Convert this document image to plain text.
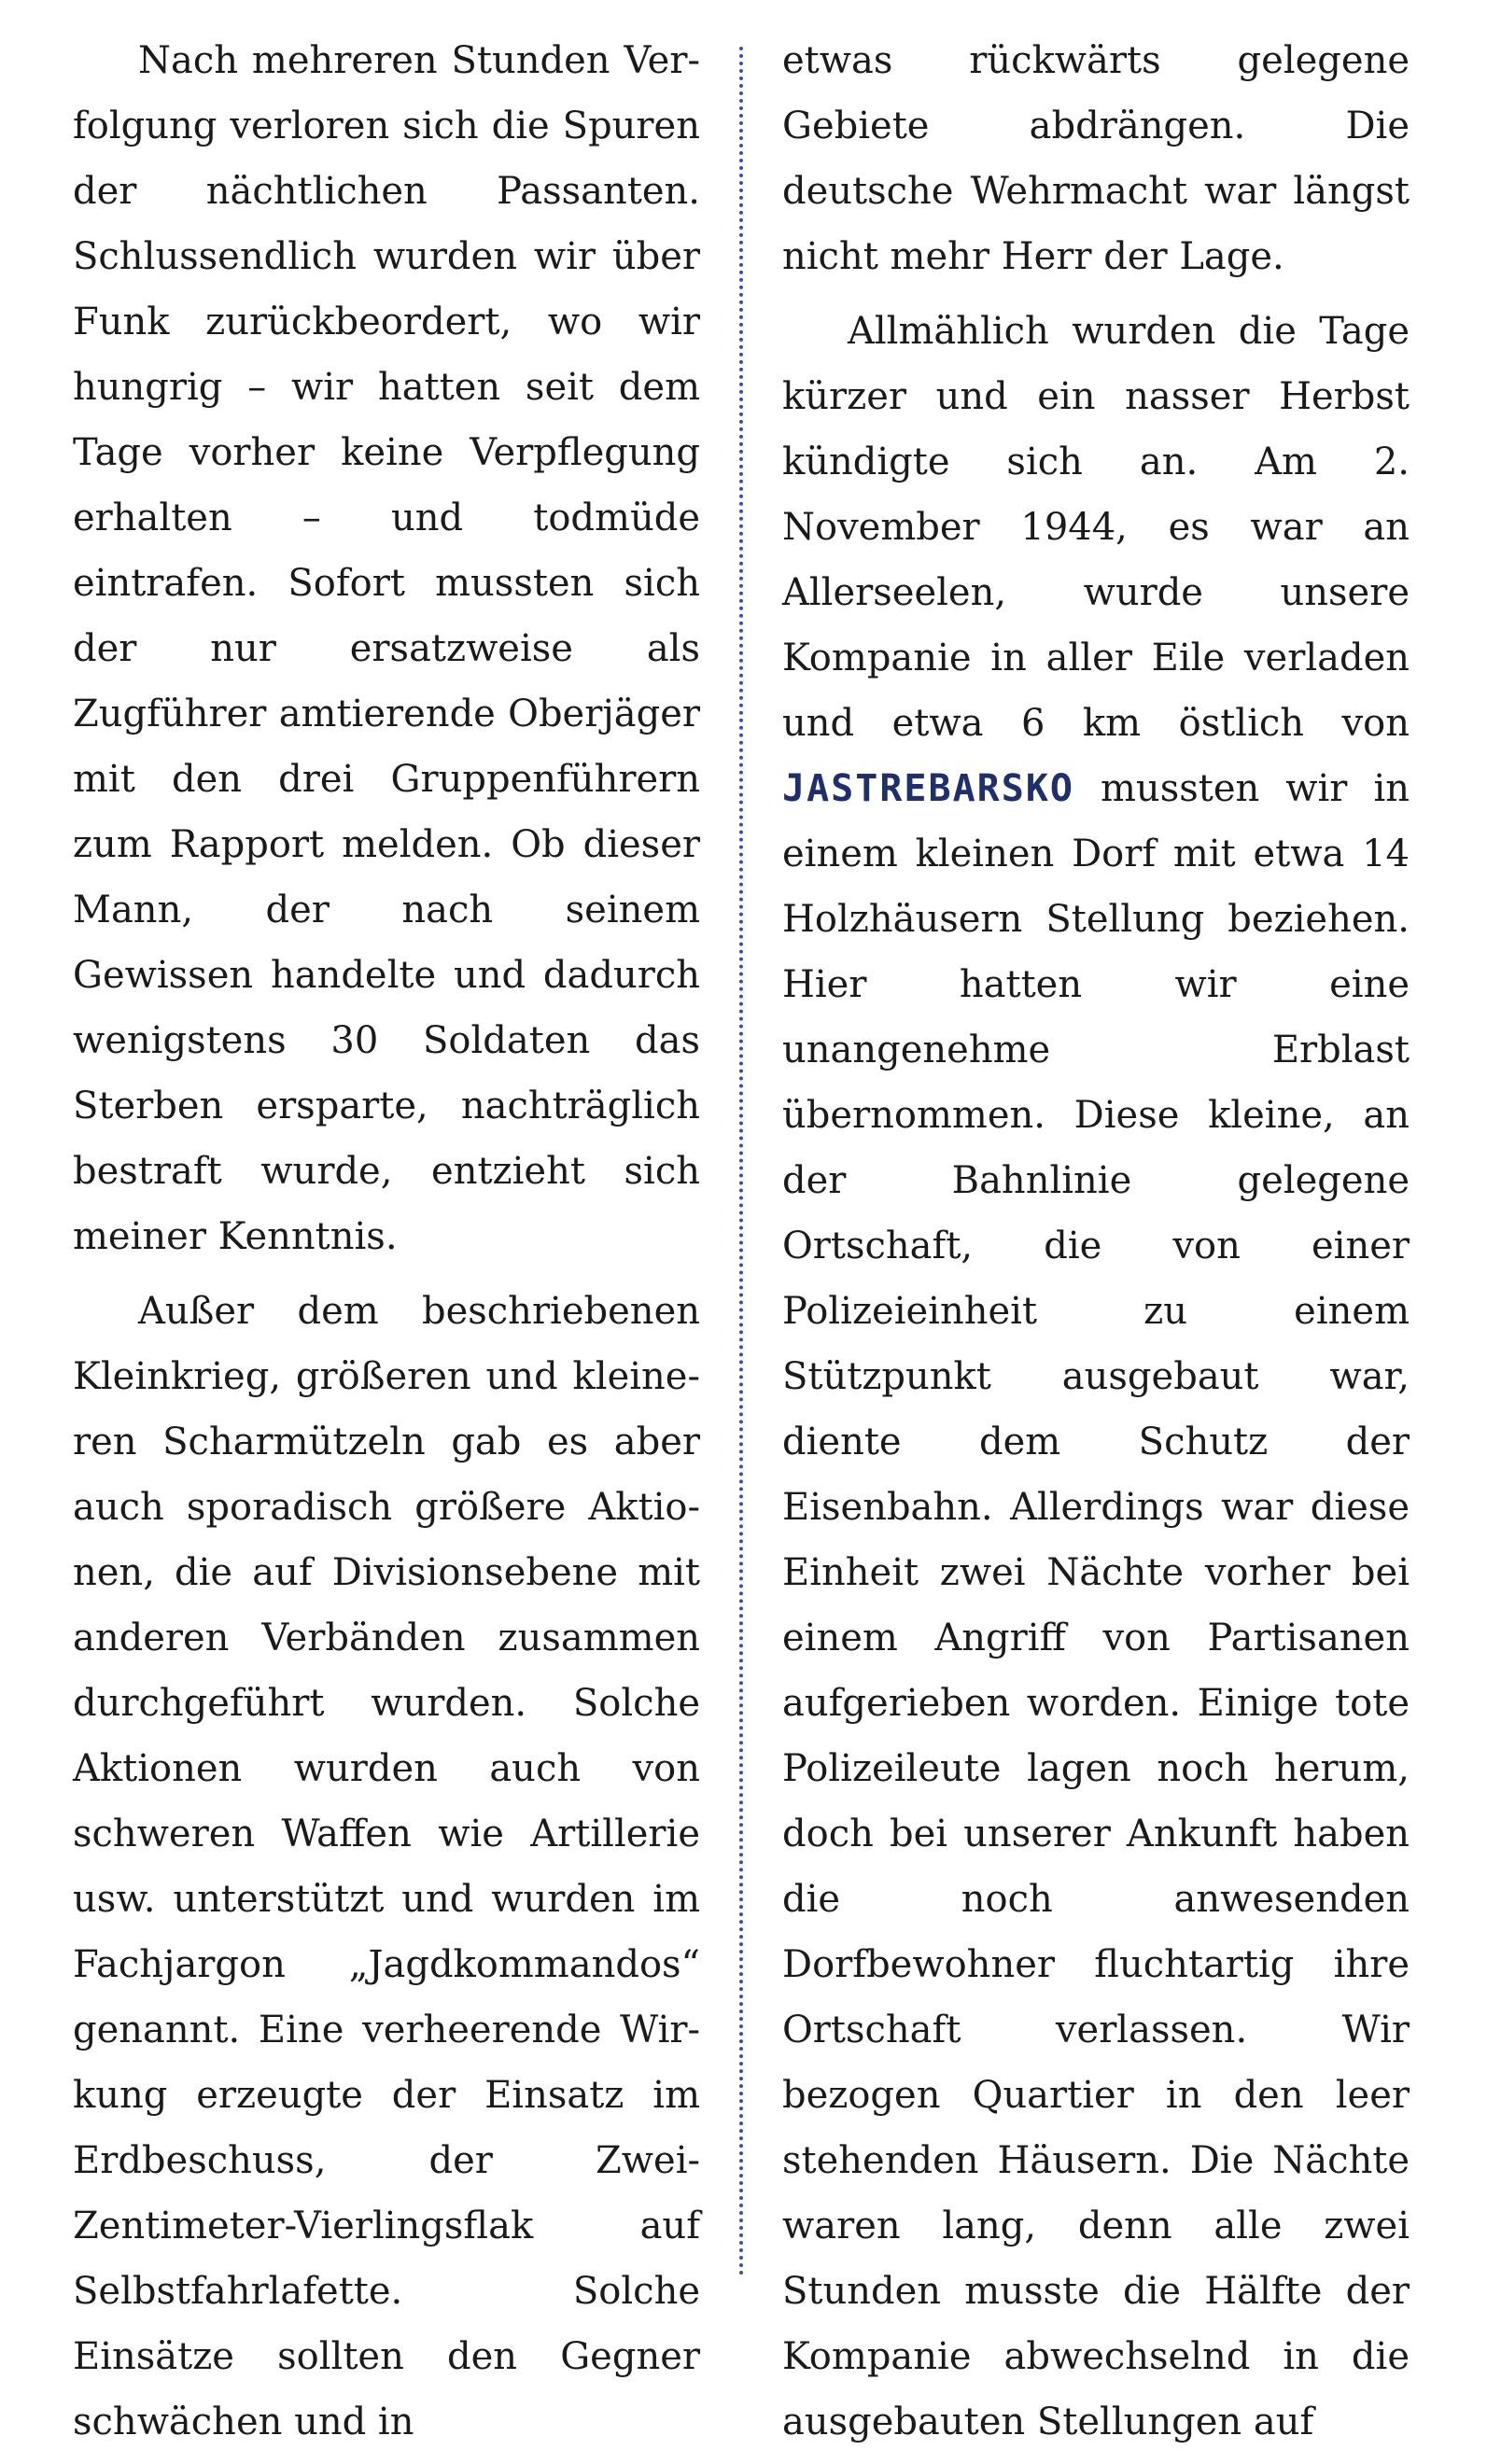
Nach mehreren Stunden Verfolgung verloren sich die Spuren der nächtlichen Passanten. Schlussendlich wurden wir über Funk zurückbeordert, wo wir hungrig – wir hatten seit dem Tage vorher keine Verpflegung erhalten – und todmüde eintrafen. Sofort mussten sich der nur ersatzweise als Zugführer amtierende Oberjäger mit den drei Gruppenführern zum Rapport melden. Ob dieser Mann, der nach seinem Gewissen handelte und dadurch wenigstens 30 Soldaten das Sterben ersparte, nachträglich bestraft wurde, entzieht sich meiner Kenntnis.

Außer dem beschriebenen Kleinkrieg, größeren und kleineren Scharmützeln gab es aber auch sporadisch größere Aktionen, die auf Divisionsebene mit anderen Verbänden zusammen durchgeführt wurden. Solche Aktionen wurden auch von schweren Waffen wie Artillerie usw. unterstützt und wurden im Fachjargon „Jagdkommandos“ genannt. Eine verheerende Wirkung erzeugte der Einsatz im Erdbeschuss, der Zwei-Zentimeter-Vierlingsflak auf Selbstfahrlafette. Solche Einsätze sollten den Gegner schwächen und in

etwas rückwärts gelegene Gebiete abdrängen. Die deutsche Wehrmacht war längst nicht mehr Herr der Lage.

Allmählich wurden die Tage kürzer und ein nasser Herbst kündigte sich an. Am 2. November 1944, es war an Allerseelen, wurde unsere Kompanie in aller Eile verladen und etwa 6 km östlich von JASTREBARSKO mussten wir in einem kleinen Dorf mit etwa 14 Holzhäusern Stellung beziehen. Hier hatten wir eine unangenehme Erblast übernommen. Diese kleine, an der Bahnlinie gelegene Ortschaft, die von einer Polizeieinheit zu einem Stützpunkt ausgebaut war, diente dem Schutz der Eisenbahn. Allerdings war diese Einheit zwei Nächte vorher bei einem Angriff von Partisanen aufgerieben worden. Einige tote Polizeileute lagen noch herum, doch bei unserer Ankunft haben die noch anwesenden Dorfbewohner fluchtartig ihre Ortschaft verlassen. Wir bezogen Quartier in den leer stehenden Häusern. Die Nächte waren lang, denn alle zwei Stunden musste die Hälfte der Kompanie abwechselnd in die ausgebauten Stellungen auf
